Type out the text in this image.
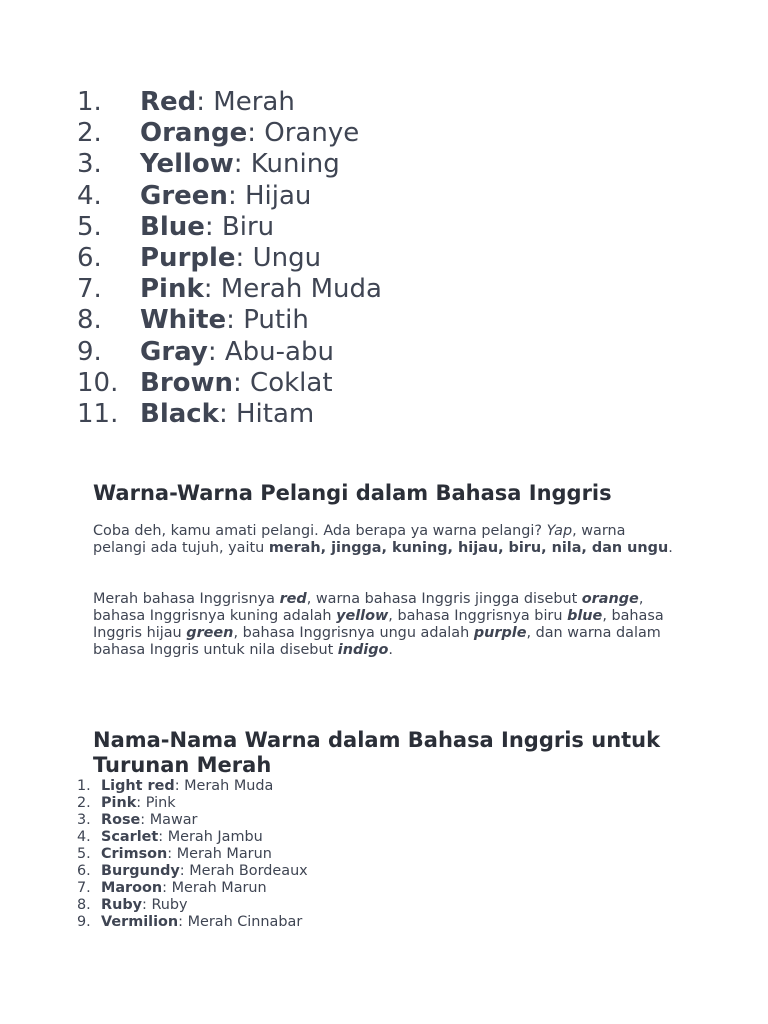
1.	Red: Merah
2.	Orange: Oranye
3.	Yellow: Kuning
4.	Green: Hijau
5.	Blue: Biru
6.	Purple: Ungu
7.	Pink: Merah Muda
8.	White: Putih
9.	Gray: Abu-abu
10. Brown: Coklat
11. Black: Hitam
Warna-Warna Pelangi dalam Bahasa Inggris

Coba deh, kamu amati pelangi. Ada berapa ya warna pelangi? Yap, warna pelangi ada tujuh, yaitu merah, jingga, kuning, hijau, biru, nila, dan ungu.

Merah bahasa Inggrisnya red, warna bahasa Inggris jingga disebut orange, bahasa Inggrisnya kuning adalah yellow, bahasa Inggrisnya biru blue, bahasa Inggris hijau green, bahasa Inggrisnya ungu adalah purple, dan warna dalam bahasa Inggris untuk nila disebut indigo.

Nama-Nama Warna dalam Bahasa Inggris untuk Turunan Merah
1. Light red: Merah Muda
2. Pink: Pink
3. Rose: Mawar
4. Scarlet: Merah Jambu
5. Crimson: Merah Marun
6. Burgundy: Merah Bordeaux
7. Maroon: Merah Marun
8. Ruby: Ruby
9. Vermilion: Merah Cinnabar
